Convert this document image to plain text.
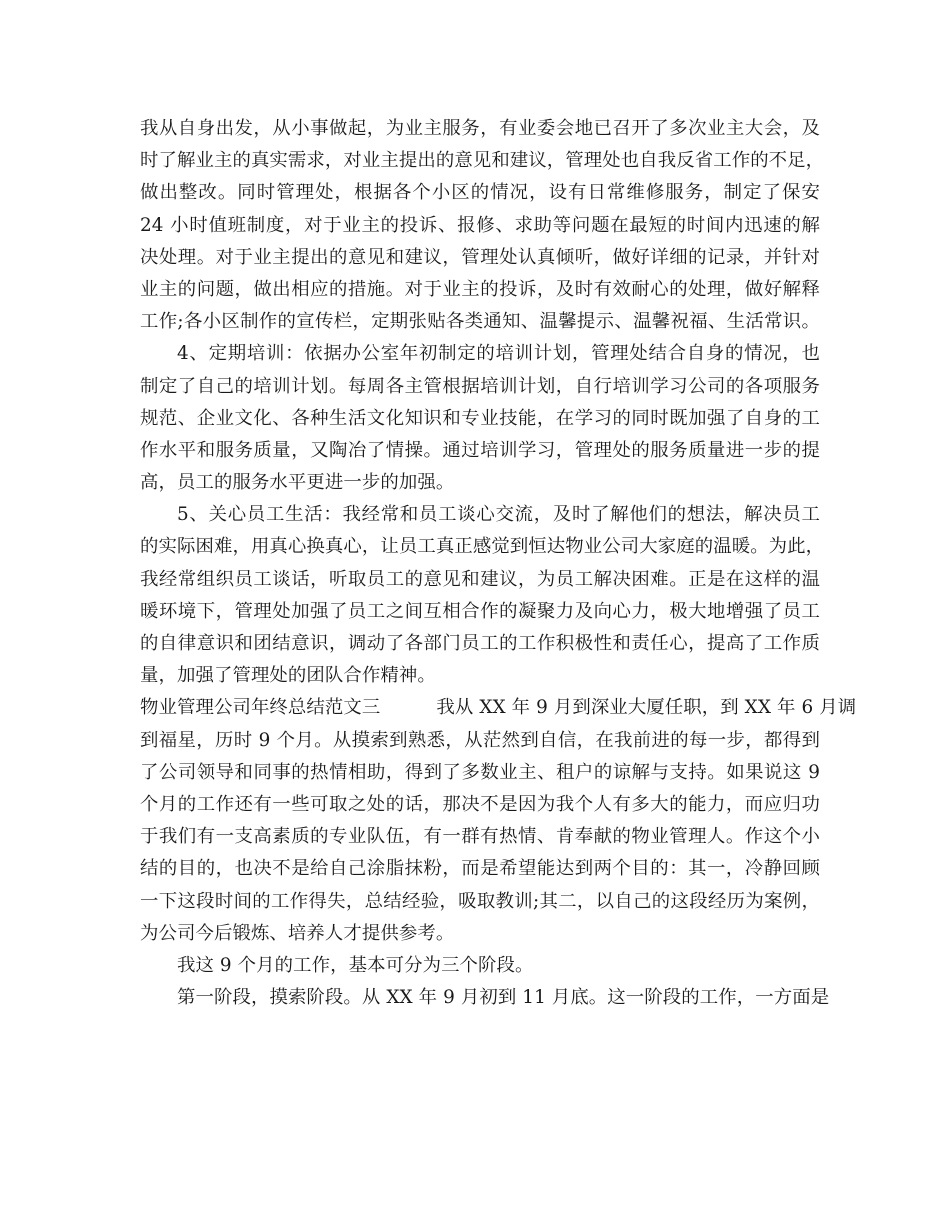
我从自身出发，从小事做起，为业主服务，有业委会地已召开了多次业主大会，及
时了解业主的真实需求，对业主提出的意见和建议，管理处也自我反省工作的不足，
做出整改。同时管理处，根据各个小区的情况，设有日常维修服务，制定了保安
24 小时值班制度，对于业主的投诉、报修、求助等问题在最短的时间内迅速的解
决处理。对于业主提出的意见和建议，管理处认真倾听，做好详细的记录，并针对
业主的问题，做出相应的措施。对于业主的投诉，及时有效耐心的处理，做好解释
工作;各小区制作的宣传栏，定期张贴各类通知、温馨提示、温馨祝福、生活常识。
4、定期培训：依据办公室年初制定的培训计划，管理处结合自身的情况，也
制定了自己的培训计划。每周各主管根据培训计划，自行培训学习公司的各项服务
规范、企业文化、各种生活文化知识和专业技能，在学习的同时既加强了自身的工
作水平和服务质量，又陶冶了情操。通过培训学习，管理处的服务质量进一步的提
高，员工的服务水平更进一步的加强。
5、关心员工生活：我经常和员工谈心交流，及时了解他们的想法，解决员工
的实际困难，用真心换真心，让员工真正感觉到恒达物业公司大家庭的温暖。为此，
我经常组织员工谈话，听取员工的意见和建议，为员工解决困难。正是在这样的温
暖环境下，管理处加强了员工之间互相合作的凝聚力及向心力，极大地增强了员工
的自律意识和团结意识，调动了各部门员工的工作积极性和责任心，提高了工作质
量，加强了管理处的团队合作精神。
物业管理公司年终总结范文三	我从 XX 年 9 月到深业大厦任职，到 XX 年 6 月调
到福星，历时 9 个月。从摸索到熟悉，从茫然到自信，在我前进的每一步，都得到
了公司领导和同事的热情相助，得到了多数业主、租户的谅解与支持。如果说这 9
个月的工作还有一些可取之处的话，那决不是因为我个人有多大的能力，而应归功
于我们有一支高素质的专业队伍，有一群有热情、肯奉献的物业管理人。作这个小
结的目的，也决不是给自己涂脂抹粉，而是希望能达到两个目的：其一，冷静回顾
一下这段时间的工作得失，总结经验，吸取教训;其二，以自己的这段经历为案例，
为公司今后锻炼、培养人才提供参考。
我这 9 个月的工作，基本可分为三个阶段。
第一阶段，摸索阶段。从 XX 年 9 月初到 11 月底。这一阶段的工作，一方面是
